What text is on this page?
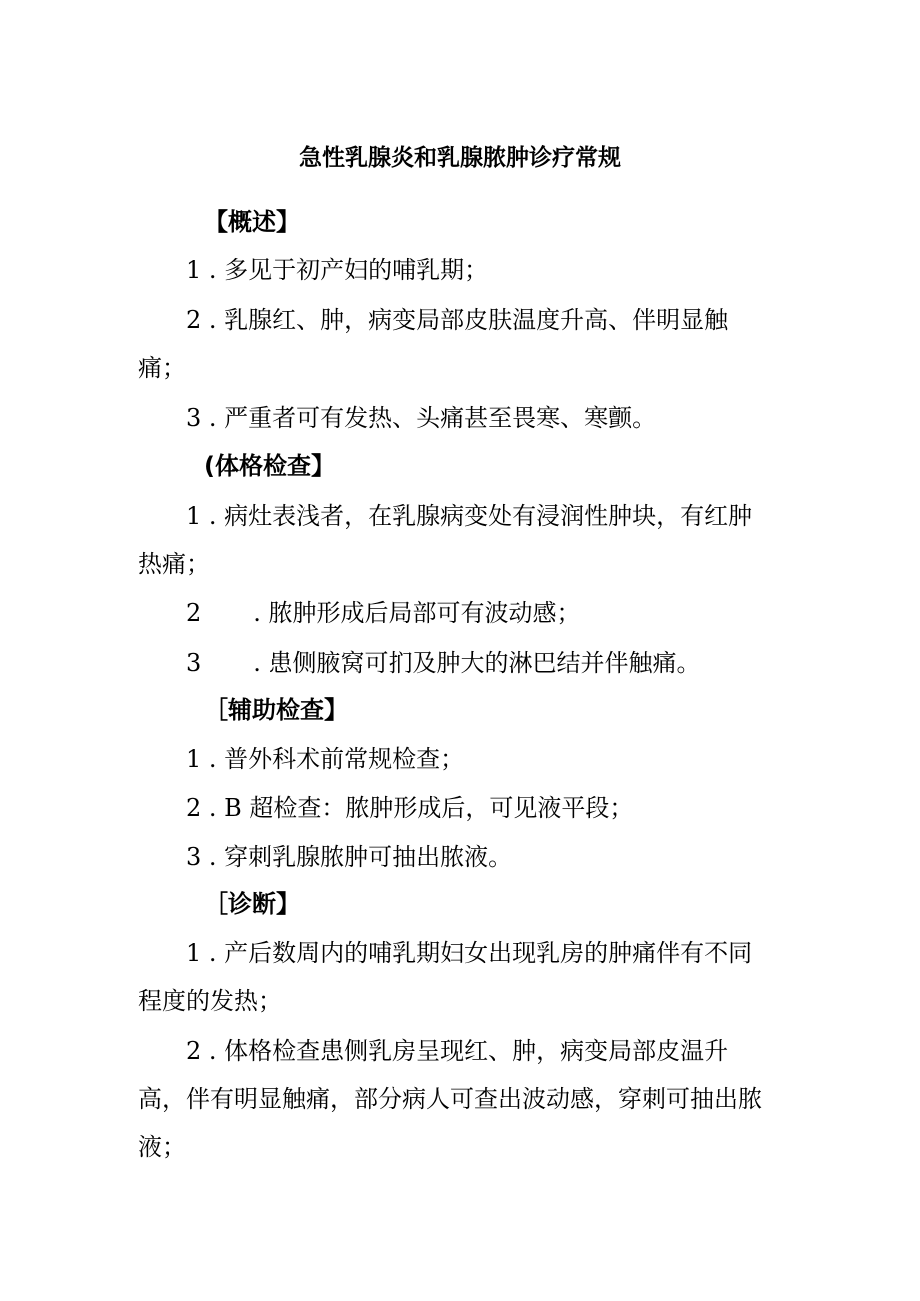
急性乳腺炎和乳腺脓肿诊疗常规
【概述】
1 . 多见于初产妇的哺乳期；
2 . 乳腺红、肿，病变局部皮肤温度升高、伴明显触
痛；
3 . 严重者可有发热、头痛甚至畏寒、寒颤。
(体格检查】
1 . 病灶表浅者，在乳腺病变处有浸润性肿块，有红肿
热痛；
2 . 脓肿形成后局部可有波动感；
3 . 患侧腋窝可扪及肿大的淋巴结并伴触痛。
［辅助检查】
1 . 普外科术前常规检查；
2 . B 超检查：脓肿形成后，可见液平段；
3 . 穿刺乳腺脓肿可抽出脓液。
［诊断】
1 . 产后数周内的哺乳期妇女出现乳房的肿痛伴有不同
程度的发热；
2 . 体格检查患侧乳房呈现红、肿，病变局部皮温升
高，伴有明显触痛，部分病人可查出波动感，穿刺可抽出脓
液；
